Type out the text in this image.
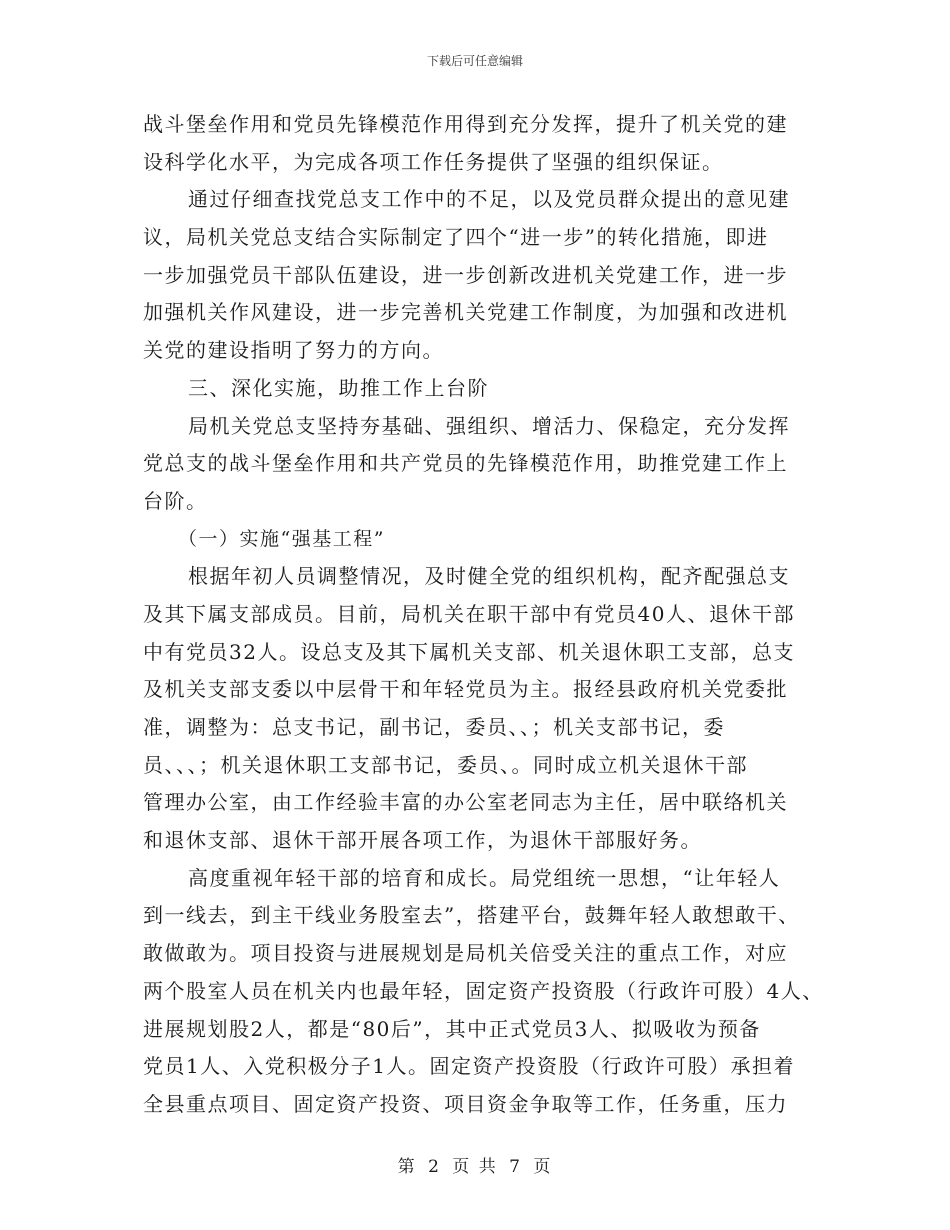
下载后可任意编辑
战斗堡垒作用和党员先锋模范作用得到充分发挥，提升了机关党的建
设科学化水平，为完成各项工作任务提供了坚强的组织保证。
通过仔细查找党总支工作中的不足，以及党员群众提出的意见建
议，局机关党总支结合实际制定了四个“进一步”的转化措施，即进
一步加强党员干部队伍建设，进一步创新改进机关党建工作，进一步
加强机关作风建设，进一步完善机关党建工作制度，为加强和改进机
关党的建设指明了努力的方向。
三、深化实施，助推工作上台阶
局机关党总支坚持夯基础、强组织、增活力、保稳定，充分发挥
党总支的战斗堡垒作用和共产党员的先锋模范作用，助推党建工作上
台阶。
（一）实施“强基工程”
根据年初人员调整情况，及时健全党的组织机构，配齐配强总支
及其下属支部成员。目前，局机关在职干部中有党员40人、退休干部
中有党员32人。设总支及其下属机关支部、机关退休职工支部，总支
及机关支部支委以中层骨干和年轻党员为主。报经县政府机关党委批
准，调整为：总支书记，副书记，委员、、；机关支部书记，委
员、、、；机关退休职工支部书记，委员、。同时成立机关退休干部
管理办公室，由工作经验丰富的办公室老同志为主任，居中联络机关
和退休支部、退休干部开展各项工作，为退休干部服好务。
高度重视年轻干部的培育和成长。局党组统一思想，“让年轻人
到一线去，到主干线业务股室去”，搭建平台，鼓舞年轻人敢想敢干、
敢做敢为。项目投资与进展规划是局机关倍受关注的重点工作，对应
两个股室人员在机关内也最年轻，固定资产投资股（行政许可股）4人、
进展规划股2人，都是“80后”，其中正式党员3人、拟吸收为预备
党员1人、入党积极分子1人。固定资产投资股（行政许可股）承担着
全县重点项目、固定资产投资、项目资金争取等工作，任务重，压力
第 2 页 共 7 页
